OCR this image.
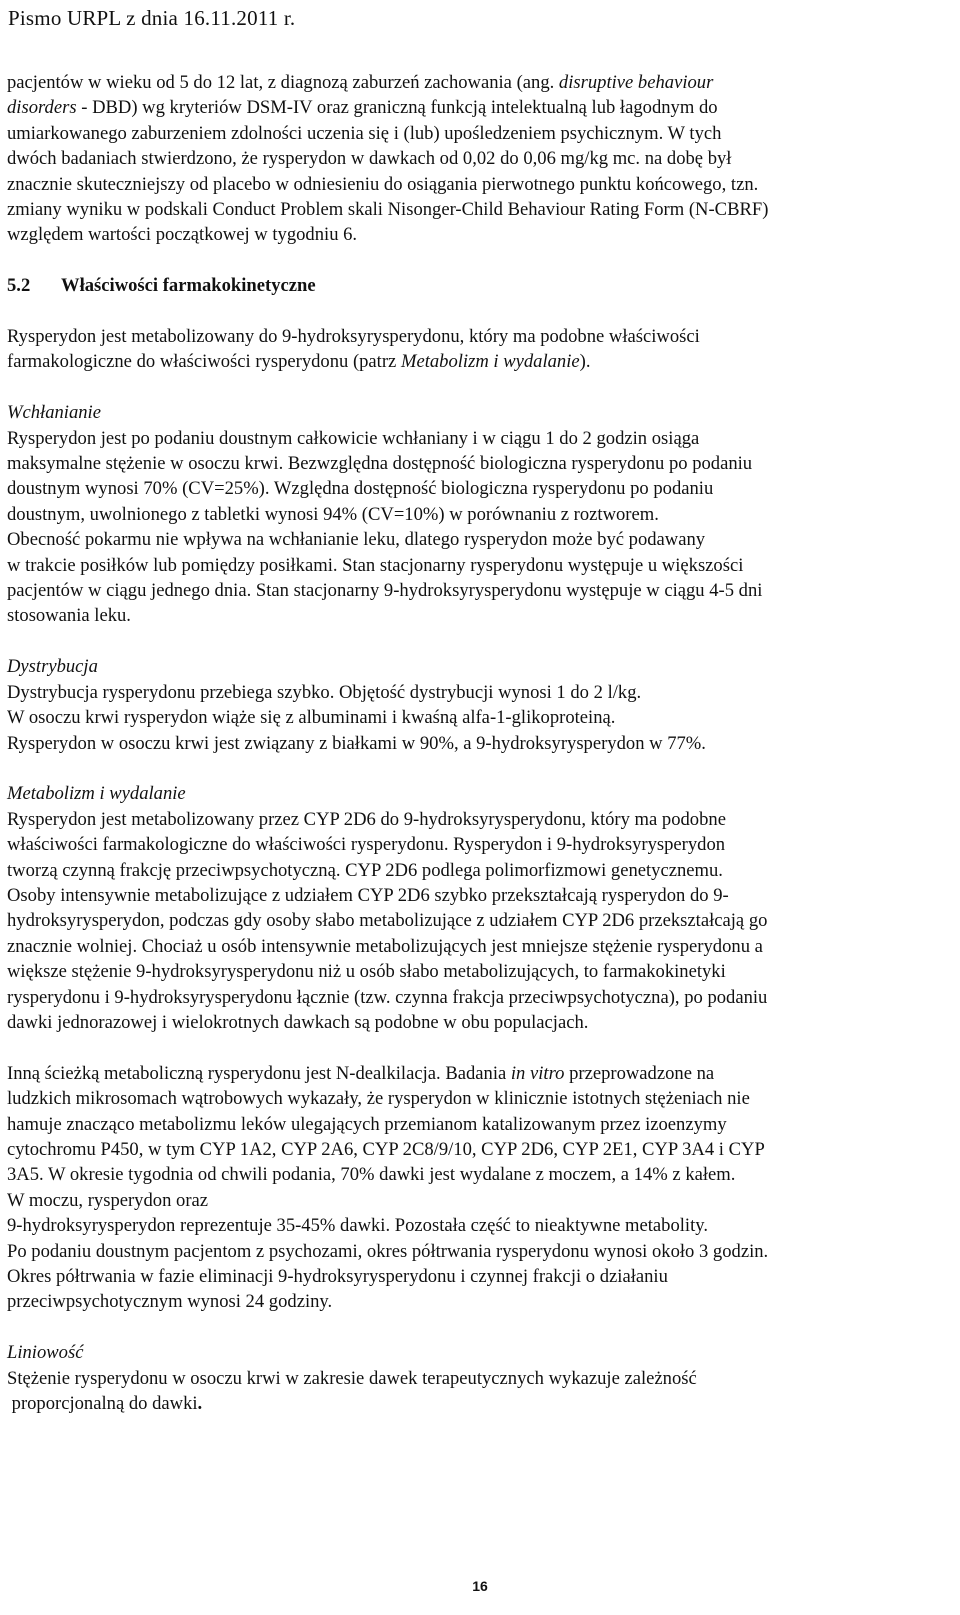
Pismo URPL z dnia 16.11.2011 r.
pacjentów w wieku od 5 do 12 lat, z diagnozą zaburzeń zachowania (ang. disruptive behaviour
disorders - DBD) wg kryteriów DSM-IV oraz graniczną funkcją intelektualną lub łagodnym do
umiarkowanego zaburzeniem zdolności uczenia się i (lub) upośledzeniem psychicznym. W tych
dwóch badaniach stwierdzono, że rysperydon w dawkach od 0,02 do 0,06 mg/kg mc. na dobę był
znacznie skuteczniejszy od placebo w odniesieniu do osiągania pierwotnego punktu końcowego, tzn.
zmiany wyniku w podskali Conduct Problem skali Nisonger-Child Behaviour Rating Form (N-CBRF)
względem wartości początkowej w tygodniu 6.
5.2 Właściwości farmakokinetyczne
Rysperydon jest metabolizowany do 9-hydroksyrysperydonu, który ma podobne właściwości
farmakologiczne do właściwości rysperydonu (patrz Metabolizm i wydalanie).
Wchłanianie
Rysperydon jest po podaniu doustnym całkowicie wchłaniany i w ciągu 1 do 2 godzin osiąga
maksymalne stężenie w osoczu krwi. Bezwzględna dostępność biologiczna rysperydonu po podaniu
doustnym wynosi 70% (CV=25%). Względna dostępność biologiczna rysperydonu po podaniu
doustnym, uwolnionego z tabletki wynosi 94% (CV=10%) w porównaniu z roztworem.
Obecność pokarmu nie wpływa na wchłanianie leku, dlatego rysperydon może być podawany
w trakcie posiłków lub pomiędzy posiłkami. Stan stacjonarny rysperydonu występuje u większości
pacjentów w ciągu jednego dnia. Stan stacjonarny 9-hydroksyrysperydonu występuje w ciągu 4-5 dni
stosowania leku.
Dystrybucja
Dystrybucja rysperydonu przebiega szybko. Objętość dystrybucji wynosi 1 do 2 l/kg.
W osoczu krwi rysperydon wiąże się z albuminami i kwaśną alfa-1-glikoproteiną.
Rysperydon w osoczu krwi jest związany z białkami w 90%, a 9-hydroksyrysperydon w 77%.
Metabolizm i wydalanie
Rysperydon jest metabolizowany przez CYP 2D6 do 9-hydroksyrysperydonu, który ma podobne
właściwości farmakologiczne do właściwości rysperydonu. Rysperydon i 9-hydroksyrysperydon
tworzą czynną frakcję przeciwpsychotyczną. CYP 2D6 podlega polimorfizmowi genetycznemu.
Osoby intensywnie metabolizujące z udziałem CYP 2D6 szybko przekształcają rysperydon do 9-
hydroksyrysperydon, podczas gdy osoby słabo metabolizujące z udziałem CYP 2D6 przekształcają go
znacznie wolniej. Chociaż u osób intensywnie metabolizujących jest mniejsze stężenie rysperydonu a
większe stężenie 9-hydroksyrysperydonu niż u osób słabo metabolizujących, to farmakokinetyki
rysperydonu i 9-hydroksyrysperydonu łącznie (tzw. czynna frakcja przeciwpsychotyczna), po podaniu
dawki jednorazowej i wielokrotnych dawkach są podobne w obu populacjach.
Inną ścieżką metaboliczną rysperydonu jest N-dealkilacja. Badania in vitro przeprowadzone na
ludzkich mikrosomach wątrobowych wykazały, że rysperydon w klinicznie istotnych stężeniach nie
hamuje znacząco metabolizmu leków ulegających przemianom katalizowanym przez izoenzymy
cytochromu P450, w tym CYP 1A2, CYP 2A6, CYP 2C8/9/10, CYP 2D6, CYP 2E1, CYP 3A4 i CYP
3A5. W okresie tygodnia od chwili podania, 70% dawki jest wydalane z moczem, a 14% z kałem.
W moczu, rysperydon oraz
9-hydroksyrysperydon reprezentuje 35-45% dawki. Pozostała część to nieaktywne metabolity.
Po podaniu doustnym pacjentom z psychozami, okres półtrwania rysperydonu wynosi około 3 godzin.
Okres półtrwania w fazie eliminacji 9-hydroksyrysperydonu i czynnej frakcji o działaniu
przeciwpsychotycznym wynosi 24 godziny.
Liniowość
Stężenie rysperydonu w osoczu krwi w zakresie dawek terapeutycznych wykazuje zależność
proporcjonalną do dawki.
16
